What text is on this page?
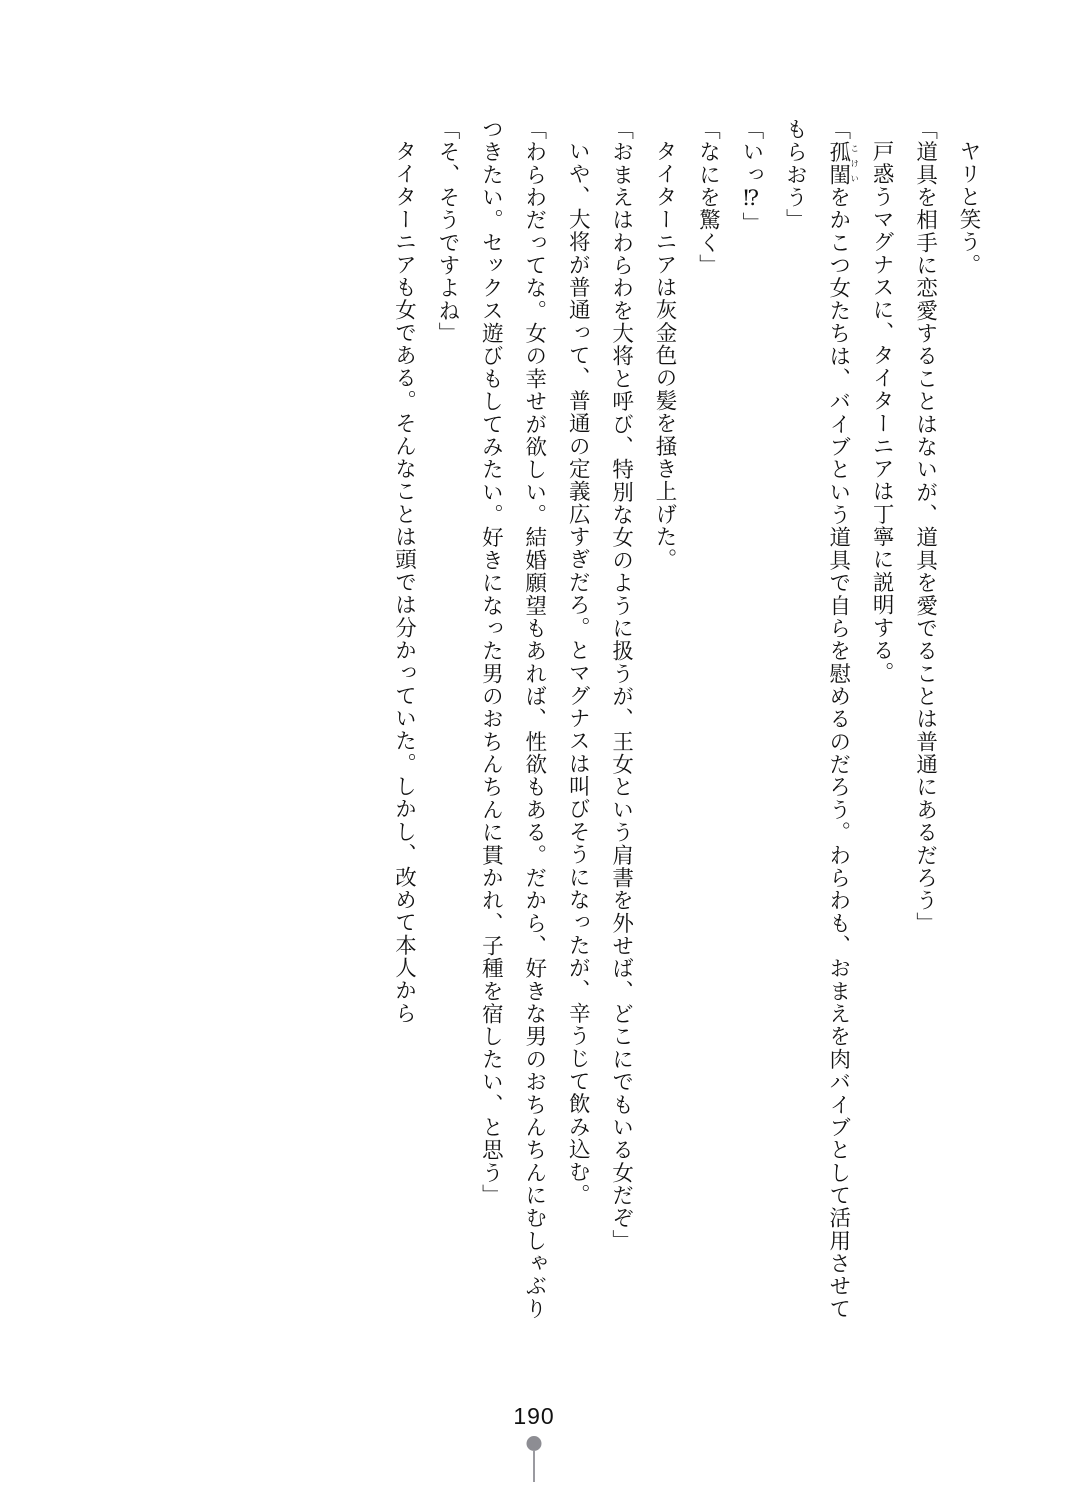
ヤリと笑う。

「道具を相手に恋愛することはないが、道具を愛でることは普通にあるだろう」

戸惑うマグナスに、タイターニアは丁寧に説明する。

「孤閨 こけいをかこつ女たちは、バイブという道具で自らを慰めるのだろう。わらわも、おまえを肉バイブとして活用させてもらおう」

「いっ⁉」

「なにを驚く」

タイターニアは灰金色の髪を掻き上げた。

「おまえはわらわを大将と呼び、特別な女のように扱うが、王女という肩書を外せば、どこにでもいる女だぞ」

いや、大将が普通って、普通の定義広すぎだろ。とマグナスは叫びそうになったが、辛うじて飲み込む。

「わらわだってな。女の幸せが欲しい。結婚願望もあれば、性欲もある。だから、好きな男のおちんちんにむしゃぶりつきたい。セックス遊びもしてみたい。好きになった男のおちんちんに貫かれ、子種を宿したい、と思う」

「そ、そうですよね」

タイターニアも女である。そんなことは頭では分かっていた。しかし、改めて本人から

190
